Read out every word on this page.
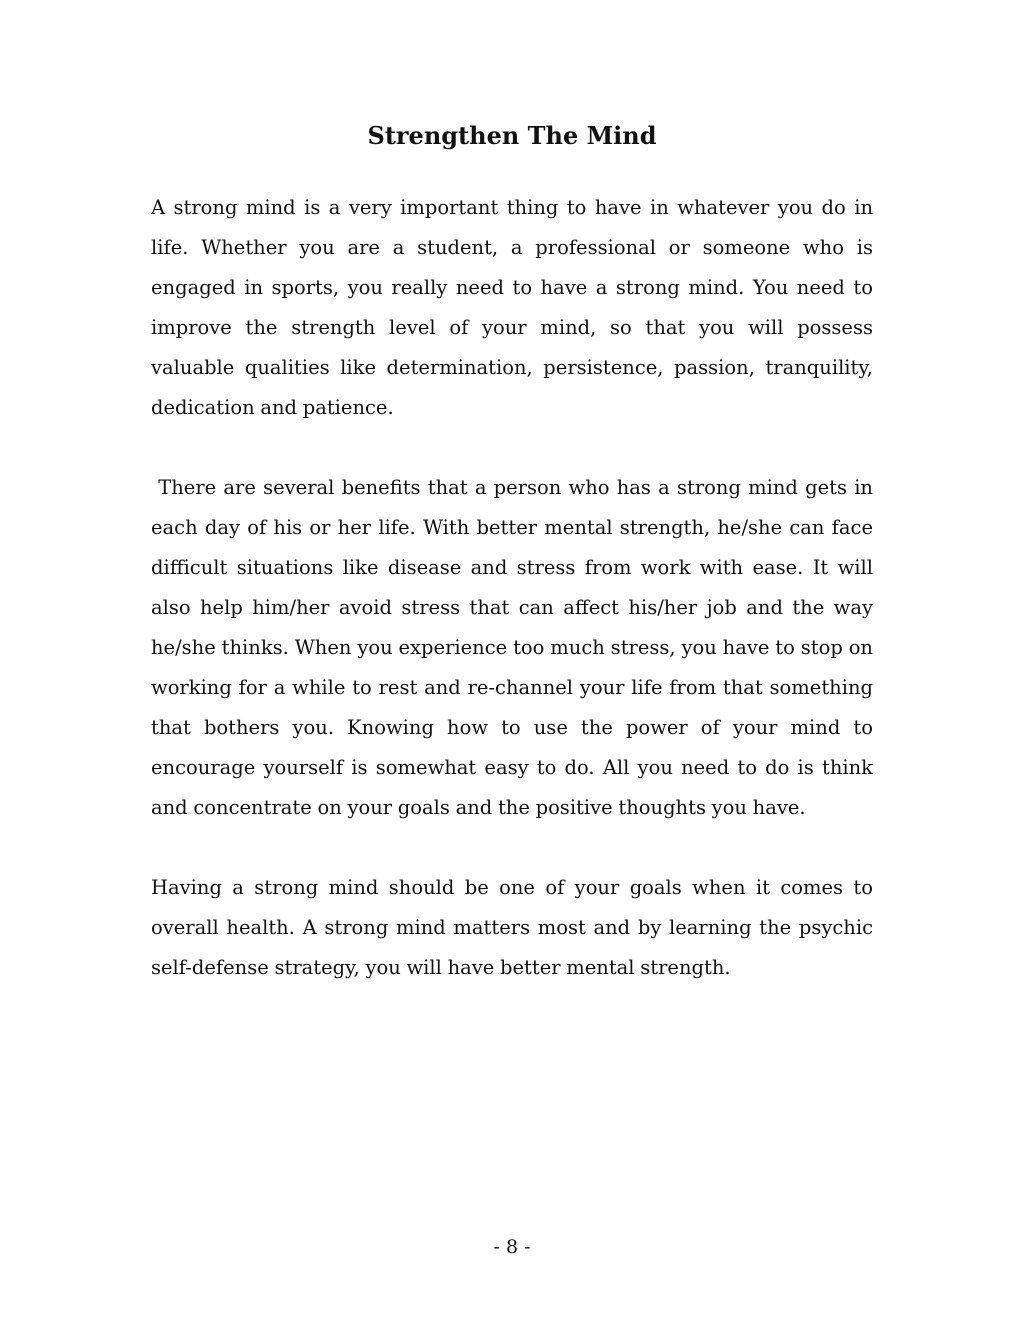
Strengthen The Mind

A strong mind is a very important thing to have in whatever you do in life. Whether you are a student, a professional or someone who is engaged in sports, you really need to have a strong mind. You need to improve the strength level of your mind, so that you will possess valuable qualities like determination, persistence, passion, tranquility, dedication and patience.

There are several benefits that a person who has a strong mind gets in each day of his or her life. With better mental strength, he/she can face difficult situations like disease and stress from work with ease. It will also help him/her avoid stress that can affect his/her job and the way he/she thinks. When you experience too much stress, you have to stop on working for a while to rest and re-channel your life from that something that bothers you. Knowing how to use the power of your mind to encourage yourself is somewhat easy to do. All you need to do is think and concentrate on your goals and the positive thoughts you have.

Having a strong mind should be one of your goals when it comes to overall health. A strong mind matters most and by learning the psychic self-defense strategy, you will have better mental strength.

- 8 -
